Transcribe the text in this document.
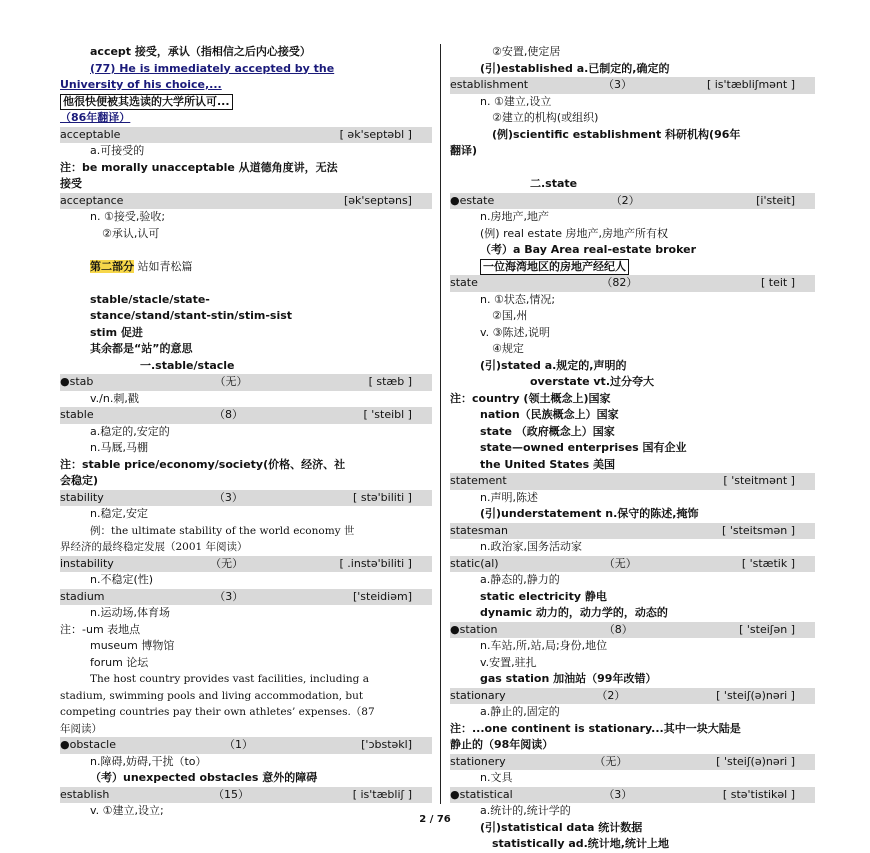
accept 接受，承认（指相信之后内心接受）
(77) He is immediately accepted by the
University of his choice,...
他很快便被其选读的大学所认可...
（86年翻译）
acceptable	[ ək'septəbl ]
a.可接受的
注：be morally unacceptable 从道德角度讲，无法
接受
acceptance	[ək'septəns]
n. ①接受,验收;
②承认,认可
第二部分 站如青松篇
stable/stacle/state-
stance/stand/stant-stin/stim-sist
stim 促进
其余都是“站”的意思
一.stable/stacle
●stab	（无）	[ stæb ]
v./n.刺,戳
stable	（8）	[ 'steibl ]
a.稳定的,安定的
n.马厩,马棚
注：stable price/economy/society(价格、经济、社
会稳定)
stability	（3）	[ stə'biliti ]
n.稳定,安定
例：the ultimate stability of the world economy 世
界经济的最终稳定发展（2001 年阅读）
instability	（无）	[ .instə'biliti ]
n.不稳定(性)
stadium	（3）	['steidiəm]
n.运动场,体育场
注：-um 表地点
museum 博物馆
forum 论坛
The host country provides vast facilities, including a
stadium, swimming pools and living accommodation, but
competing countries pay their own athletes’ expenses.（87
年阅读）
●obstacle	（1）	['ɔbstəkl]
n.障碍,妨碍,干扰（to）
（考）unexpected obstacles 意外的障碍
establish	（15）	[ is'tæbliʃ ]
v. ①建立,设立;
②安置,使定居
(引)established a.已制定的,确定的
establishment	（3）	[ is'tæbliʃmənt ]
n. ①建立,设立
②建立的机构(或组织)
(例)scientific establishment 科研机构(96年
翻译)
二.state
●estate	（2）	[i'steit]
n.房地产,地产
(例) real estate 房地产,房地产所有权
（考）a Bay Area real-estate broker
一位海湾地区的房地产经纪人
state	（82）	[ teit ]
n. ①状态,情况;
②国,州
v. ③陈述,说明
④规定
(引)stated a.规定的,声明的
overstate vt.过分夸大
注：country (领土概念上)国家
nation（民族概念上）国家
state （政府概念上）国家
state—owned enterprises 国有企业
the United States 美国
statement	[ 'steitmənt ]
n.声明,陈述
(引)understatement n.保守的陈述,掩饰
statesman	[ 'steitsmən ]
n.政治家,国务活动家
static(al)	（无）	[ 'stætik ]
a.静态的,静力的
static electricity 静电
dynamic 动力的，动力学的，动态的
●station	（8）	[ 'steiʃən ]
n.车站,所,站,局;身份,地位
v.安置,驻扎
gas station 加油站（99年改错）
stationary	（2）	[ 'steiʃ(ə)nəri ]
a.静止的,固定的
注：...one continent is stationary...其中一块大陆是
静止的（98年阅读）
stationery	（无）	[ 'steiʃ(ə)nəri ]
n.文具
●statistical	（3）	[ stə'tistikəl ]
a.统计的,统计学的
(引)statistical data 统计数据
statistically ad.统计地,统计上地
2 / 76
